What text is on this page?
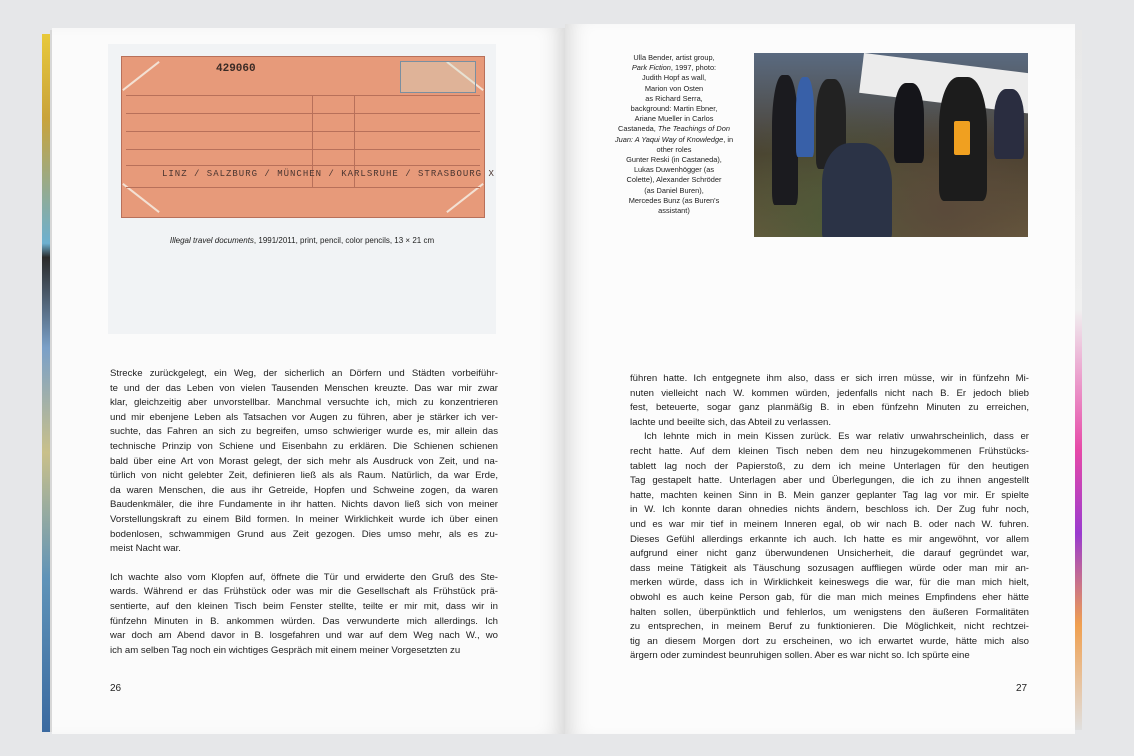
429060
LINZ / SALZBURG / MÜNCHEN / KARLSRUHE / STRASBOURG X
Illegal travel documents, 1991/2011, print, pencil, color pencils, 13 × 21 cm
Strecke zurückgelegt, ein Weg, der sicherlich an Dörfern und Städten vorbeiführ-
te und der das Leben von vielen Tausenden Menschen kreuzte. Das war mir zwar
klar, gleichzeitig aber unvorstellbar. Manchmal versuchte ich, mich zu konzentrieren
und mir ebenjene Leben als Tatsachen vor Augen zu führen, aber je stärker ich ver-
suchte, das Fahren an sich zu begreifen, umso schwieriger wurde es, mir allein das
technische Prinzip von Schiene und Eisenbahn zu erklären. Die Schienen schienen
bald über eine Art von Morast gelegt, der sich mehr als Ausdruck von Zeit, und na-
türlich von nicht gelebter Zeit, definieren ließ als als Raum. Natürlich, da war Erde,
da waren Menschen, die aus ihr Getreide, Hopfen und Schweine zogen, da waren
Baudenkmäler, die ihre Fundamente in ihr hatten. Nichts davon ließ sich von meiner
Vorstellungskraft zu einem Bild formen. In meiner Wirklichkeit wurde ich über einen
bodenlosen, schwammigen Grund aus Zeit gezogen. Dies umso mehr, als es zu-
meist Nacht war.
Ich wachte also vom Klopfen auf, öffnete die Tür und erwiderte den Gruß des Ste-
wards. Während er das Frühstück oder was mir die Gesellschaft als Frühstück prä-
sentierte, auf den kleinen Tisch beim Fenster stellte, teilte er mir mit, dass wir in
fünfzehn Minuten in B. ankommen würden. Das verwunderte mich allerdings. Ich
war doch am Abend davor in B. losgefahren und war auf dem Weg nach W., wo
ich am selben Tag noch ein wichtiges Gespräch mit einem meiner Vorgesetzten zu
26
Ulla Bender, artist group,
Park Fiction, 1997, photo:
Judith Hopf as wall,
Marion von Osten
as Richard Serra,
background: Martin Ebner,
Ariane Mueller in Carlos
Castaneda, The Teachings of Don Juan: A Yaqui Way of Knowledge, in other roles
Gunter Reski (in Castaneda),
Lukas Duwenhögger (as
Colette), Alexander Schröder
(as Daniel Buren),
Mercedes Bunz (as Buren's
assistant)
führen hatte. Ich entgegnete ihm also, dass er sich irren müsse, wir in fünfzehn Mi-
nuten vielleicht nach W. kommen würden, jedenfalls nicht nach B. Er jedoch blieb
fest, beteuerte, sogar ganz planmäßig B. in eben fünfzehn Minuten zu erreichen,
lachte und beeilte sich, das Abteil zu verlassen.
Ich lehnte mich in mein Kissen zurück. Es war relativ unwahrscheinlich, dass er
recht hatte. Auf dem kleinen Tisch neben dem neu hinzugekommenen Frühstücks-
tablett lag noch der Papierstoß, zu dem ich meine Unterlagen für den heutigen
Tag gestapelt hatte. Unterlagen aber und Überlegungen, die ich zu ihnen angestellt
hatte, machten keinen Sinn in B. Mein ganzer geplanter Tag lag vor mir. Er spielte
in W. Ich konnte daran ohnedies nichts ändern, beschloss ich. Der Zug fuhr noch,
und es war mir tief in meinem Inneren egal, ob wir nach B. oder nach W. fuhren.
Dieses Gefühl allerdings erkannte ich auch. Ich hatte es mir angewöhnt, vor allem
aufgrund einer nicht ganz überwundenen Unsicherheit, die darauf gegründet war,
dass meine Tätigkeit als Täuschung sozusagen auffliegen würde oder man mir an-
merken würde, dass ich in Wirklichkeit keineswegs die war, für die man mich hielt,
obwohl es auch keine Person gab, für die man mich meines Empfindens eher hätte
halten sollen, überpünktlich und fehlerlos, um wenigstens den äußeren Formalitäten
zu entsprechen, in meinem Beruf zu funktionieren. Die Möglichkeit, nicht rechtzei-
tig an diesem Morgen dort zu erscheinen, wo ich erwartet wurde, hätte mich also
ärgern oder zumindest beunruhigen sollen. Aber es war nicht so. Ich spürte eine
27
